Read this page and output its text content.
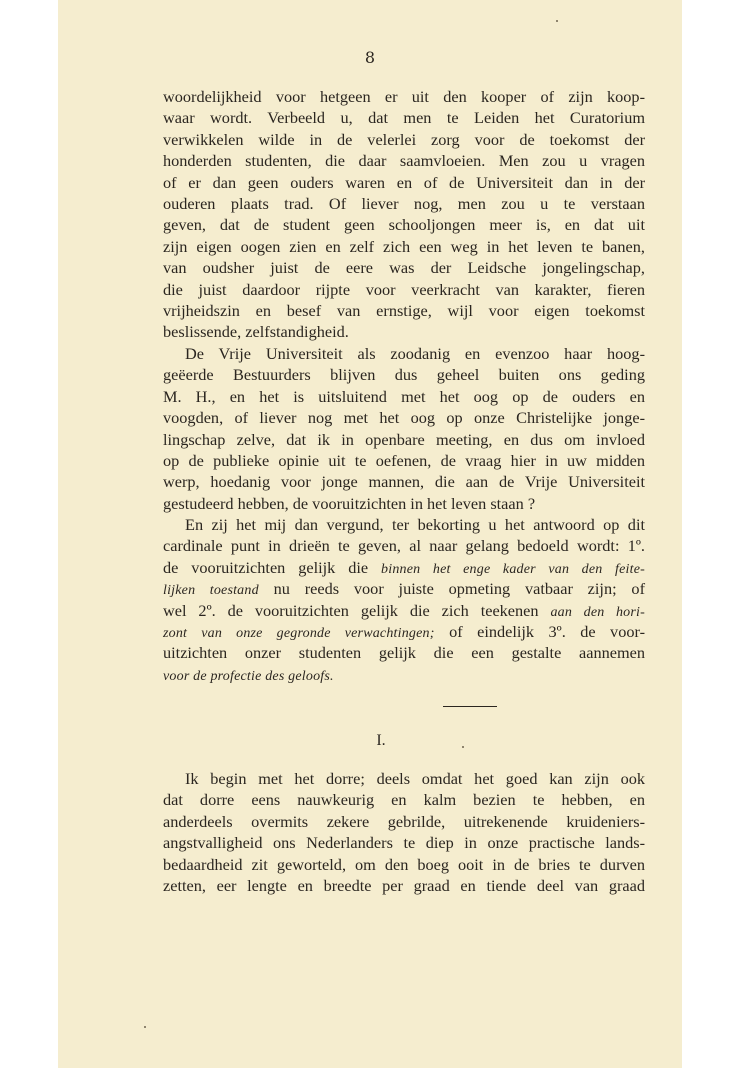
8
woordelijkheid voor hetgeen er uit den kooper of zijn koop-
waar wordt. Verbeeld u, dat men te Leiden het Curatorium
verwikkelen wilde in de velerlei zorg voor de toekomst der
honderden studenten, die daar saamvloeien. Men zou u vragen
of er dan geen ouders waren en of de Universiteit dan in der
ouderen plaats trad. Of liever nog, men zou u te verstaan
geven, dat de student geen schooljongen meer is, en dat uit
zijn eigen oogen zien en zelf zich een weg in het leven te banen,
van oudsher juist de eere was der Leidsche jongelingschap,
die juist daardoor rijpte voor veerkracht van karakter, fieren
vrijheidszin en besef van ernstige, wijl voor eigen toekomst
beslissende, zelfstandigheid.
De Vrije Universiteit als zoodanig en evenzoo haar hoog-
geëerde Bestuurders blijven dus geheel buiten ons geding
M. H., en het is uitsluitend met het oog op de ouders en
voogden, of liever nog met het oog op onze Christelijke jonge-
lingschap zelve, dat ik in openbare meeting, en dus om invloed
op de publieke opinie uit te oefenen, de vraag hier in uw midden
werp, hoedanig voor jonge mannen, die aan de Vrije Universiteit
gestudeerd hebben, de vooruitzichten in het leven staan ?
En zij het mij dan vergund, ter bekorting u het antwoord op dit
cardinale punt in drieën te geven, al naar gelang bedoeld wordt: 1º.
de vooruitzichten gelijk die binnen het enge kader van den feite-
lijken toestand nu reeds voor juiste opmeting vatbaar zijn; of
wel 2º. de vooruitzichten gelijk die zich teekenen aan den hori-
zont van onze gegronde verwachtingen; of eindelijk 3º. de voor-
uitzichten onzer studenten gelijk die een gestalte aannemen
voor de profectie des geloofs.
I.
Ik begin met het dorre; deels omdat het goed kan zijn ook
dat dorre eens nauwkeurig en kalm bezien te hebben, en
anderdeels overmits zekere gebrilde, uitrekenende kruideniers-
angstvalligheid ons Nederlanders te diep in onze practische lands-
bedaardheid zit geworteld, om den boeg ooit in de bries te durven
zetten, eer lengte en breedte per graad en tiende deel van graad
